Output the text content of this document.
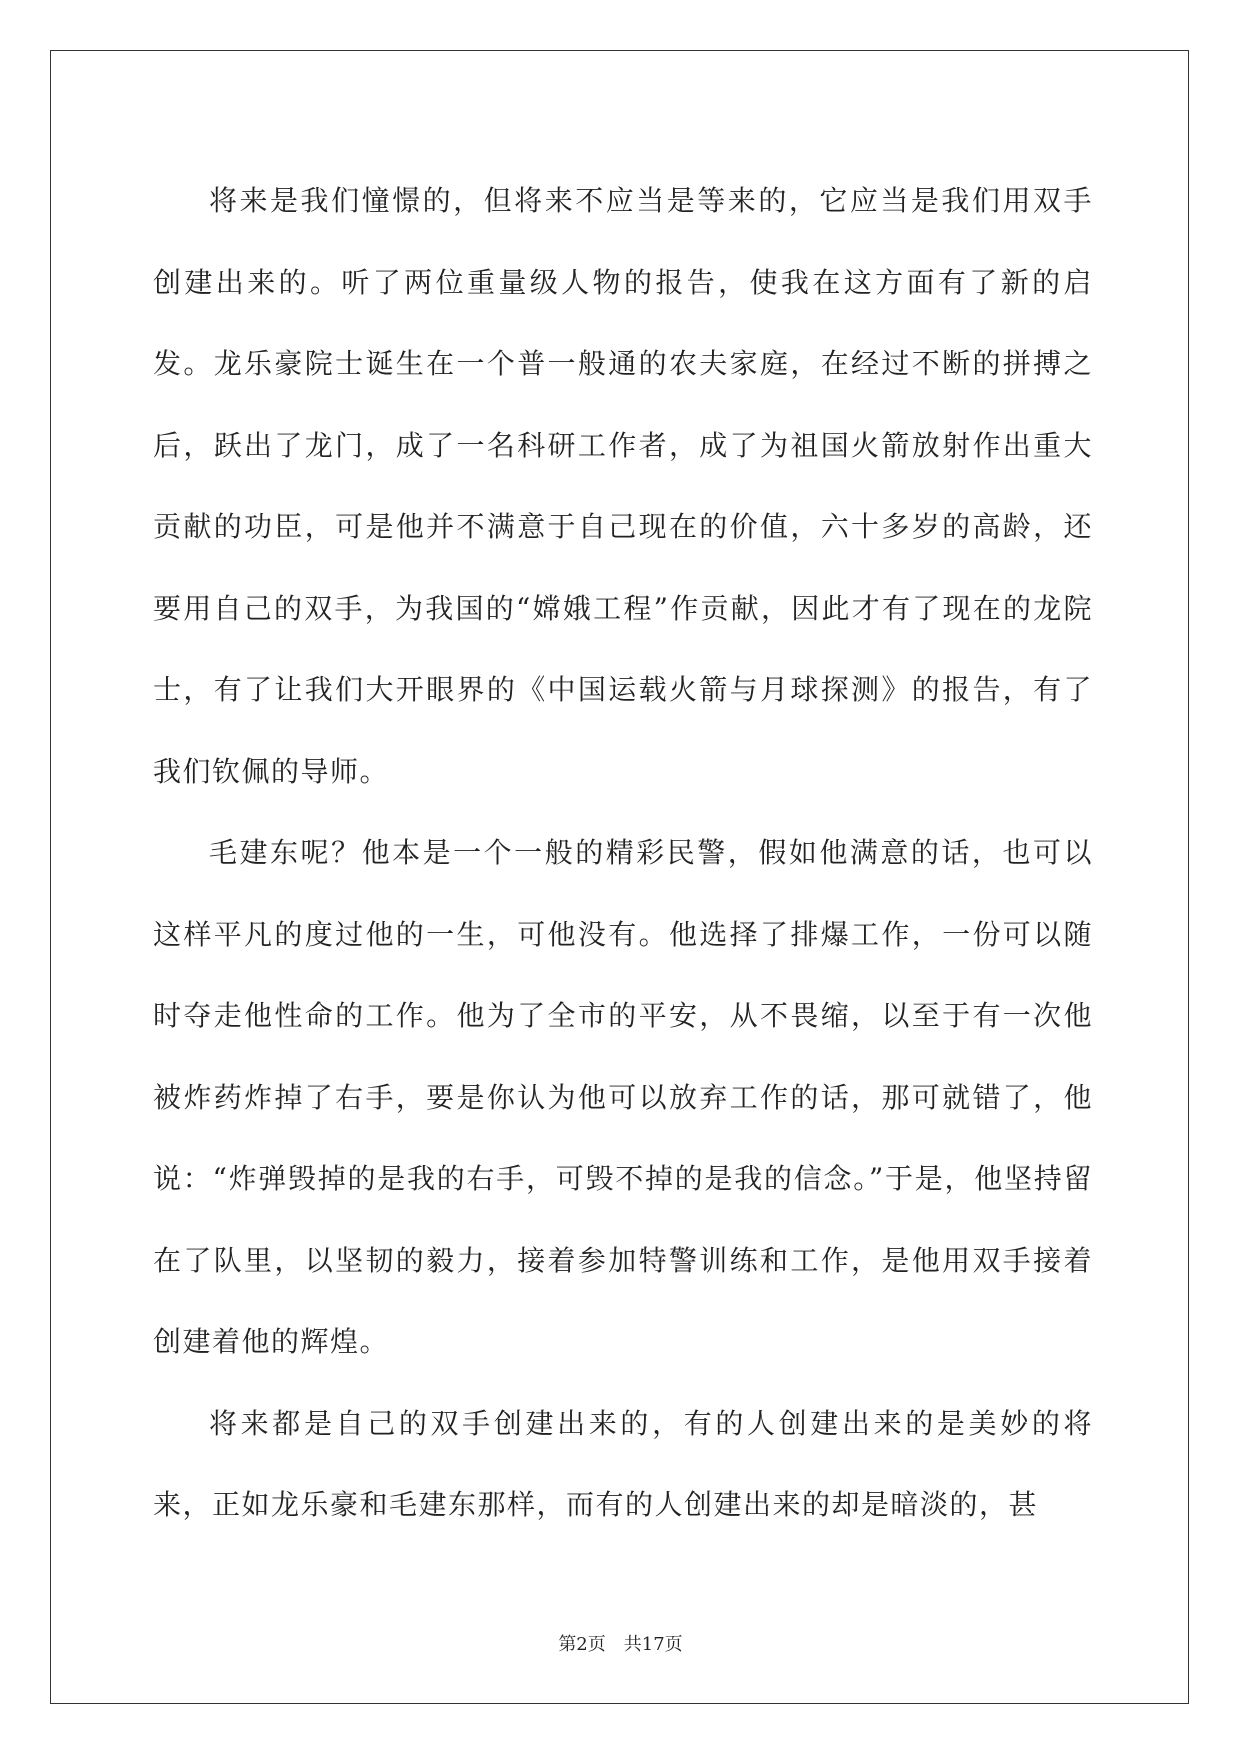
将来是我们憧憬的，但将来不应当是等来的，它应当是我们用双手创建出来的。听了两位重量级人物的报告，使我在这方面有了新的启发。龙乐豪院士诞生在一个普一般通的农夫家庭，在经过不断的拼搏之后，跃出了龙门，成了一名科研工作者，成了为祖国火箭放射作出重大贡献的功臣，可是他并不满意于自己现在的价值，六十多岁的高龄，还要用自己的双手，为我国的“嫦娥工程”作贡献，因此才有了现在的龙院士，有了让我们大开眼界的《中国运载火箭与月球探测》的报告，有了我们钦佩的导师。

毛建东呢？他本是一个一般的精彩民警，假如他满意的话，也可以这样平凡的度过他的一生，可他没有。他选择了排爆工作，一份可以随时夺走他性命的工作。他为了全市的平安，从不畏缩，以至于有一次他被炸药炸掉了右手，要是你认为他可以放弃工作的话，那可就错了，他说：“炸弹毁掉的是我的右手，可毁不掉的是我的信念。”于是，他坚持留在了队里，以坚韧的毅力，接着参加特警训练和工作，是他用双手接着创建着他的辉煌。

将来都是自己的双手创建出来的，有的人创建出来的是美妙的将来，正如龙乐豪和毛建东那样，而有的人创建出来的却是暗淡的，甚

第2页　共17页
